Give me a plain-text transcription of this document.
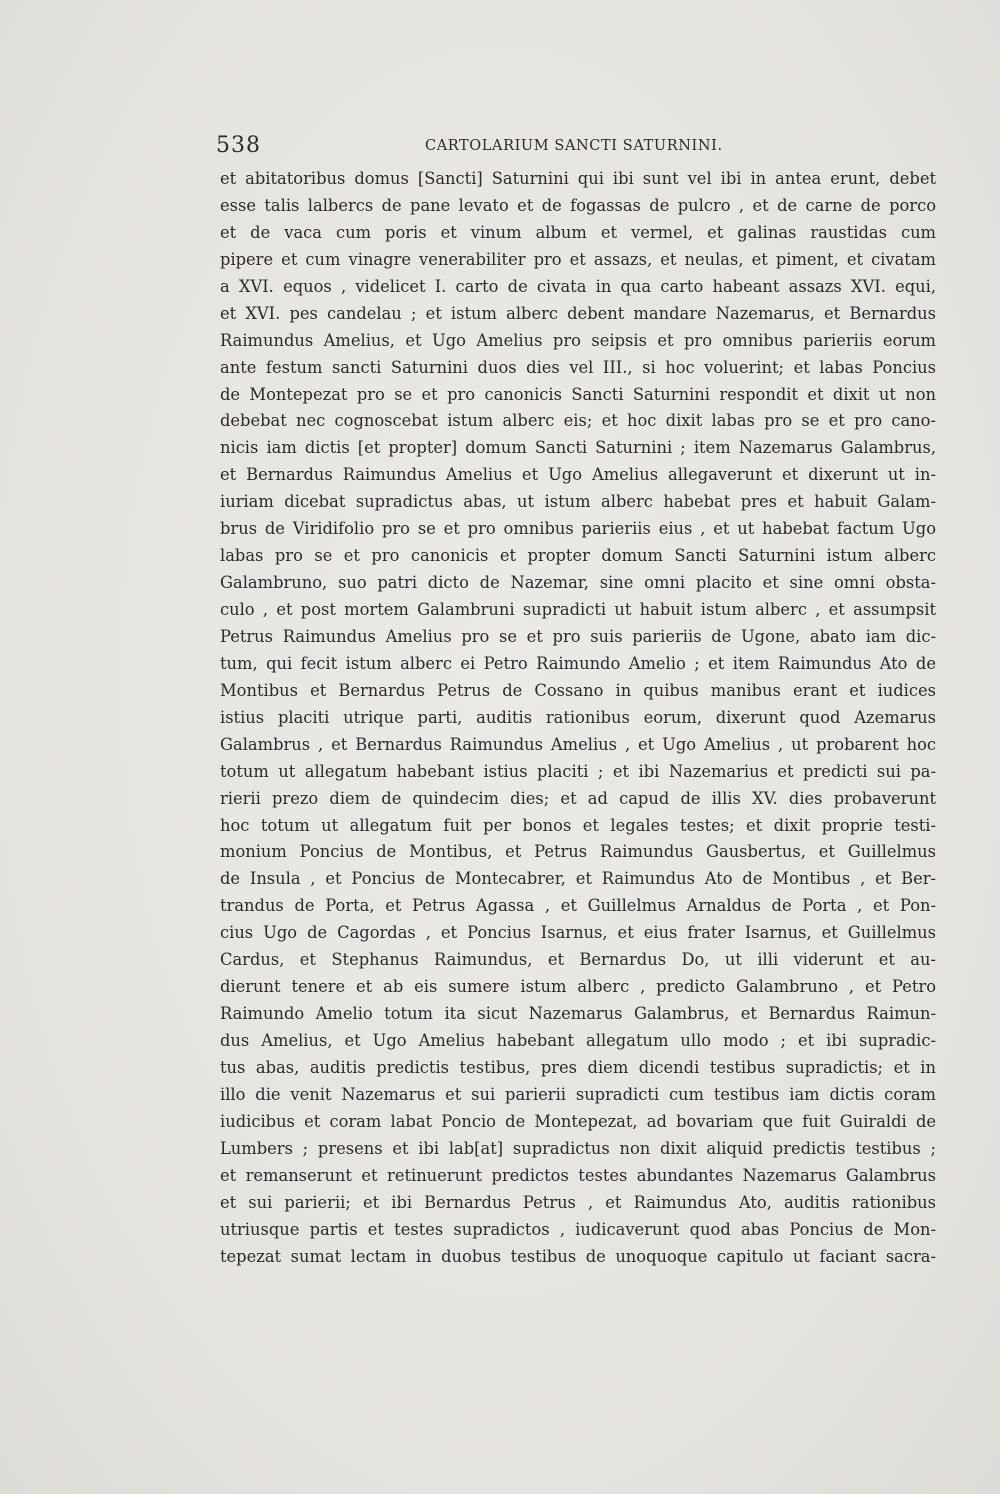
538	CARTOLARIUM SANCTI SATURNINI.
et abitatoribus domus [Sancti] Saturnini qui ibi sunt vel ibi in antea erunt, debet
esse talis lalbercs de pane levato et de fogassas de pulcro , et de carne de porco
et de vaca cum poris et vinum album et vermel, et galinas raustidas cum
pipere et cum vinagre venerabiliter pro et assazs, et neulas, et piment, et civatam
a XVI. equos , videlicet I. carto de civata in qua carto habeant assazs XVI. equi,
et XVI. pes candelau ; et istum alberc debent mandare Nazemarus, et Bernardus
Raimundus Amelius, et Ugo Amelius pro seipsis et pro omnibus parieriis eorum
ante festum sancti Saturnini duos dies vel III., si hoc voluerint; et labas Poncius
de Montepezat pro se et pro canonicis Sancti Saturnini respondit et dixit ut non
debebat nec cognoscebat istum alberc eis; et hoc dixit labas pro se et pro cano-
nicis iam dictis [et propter] domum Sancti Saturnini ; item Nazemarus Galambrus,
et Bernardus Raimundus Amelius et Ugo Amelius allegaverunt et dixerunt ut in-
iuriam dicebat supradictus abas, ut istum alberc habebat pres et habuit Galam-
brus de Viridifolio pro se et pro omnibus parieriis eius , et ut habebat factum Ugo
labas pro se et pro canonicis et propter domum Sancti Saturnini istum alberc
Galambruno, suo patri dicto de Nazemar, sine omni placito et sine omni obsta-
culo , et post mortem Galambruni supradicti ut habuit istum alberc , et assumpsit
Petrus Raimundus Amelius pro se et pro suis parieriis de Ugone, abato iam dic-
tum, qui fecit istum alberc ei Petro Raimundo Amelio ; et item Raimundus Ato de
Montibus et Bernardus Petrus de Cossano in quibus manibus erant et iudices
istius placiti utrique parti, auditis rationibus eorum, dixerunt quod Azemarus
Galambrus , et Bernardus Raimundus Amelius , et Ugo Amelius , ut probarent hoc
totum ut allegatum habebant istius placiti ; et ibi Nazemarius et predicti sui pa-
rierii prezo diem de quindecim dies; et ad capud de illis XV. dies probaverunt
hoc totum ut allegatum fuit per bonos et legales testes; et dixit proprie testi-
monium Poncius de Montibus, et Petrus Raimundus Gausbertus, et Guillelmus
de Insula , et Poncius de Montecabrer, et Raimundus Ato de Montibus , et Ber-
trandus de Porta, et Petrus Agassa , et Guillelmus Arnaldus de Porta , et Pon-
cius Ugo de Cagordas , et Poncius Isarnus, et eius frater Isarnus, et Guillelmus
Cardus, et Stephanus Raimundus, et Bernardus Do, ut illi viderunt et au-
dierunt tenere et ab eis sumere istum alberc , predicto Galambruno , et Petro
Raimundo Amelio totum ita sicut Nazemarus Galambrus, et Bernardus Raimun-
dus Amelius, et Ugo Amelius habebant allegatum ullo modo ; et ibi supradic-
tus abas, auditis predictis testibus, pres diem dicendi testibus supradictis; et in
illo die venit Nazemarus et sui parierii supradicti cum testibus iam dictis coram
iudicibus et coram labat Poncio de Montepezat, ad bovariam que fuit Guiraldi de
Lumbers ; presens et ibi lab[at] supradictus non dixit aliquid predictis testibus ;
et remanserunt et retinuerunt predictos testes abundantes Nazemarus Galambrus
et sui parierii; et ibi Bernardus Petrus , et Raimundus Ato, auditis rationibus
utriusque partis et testes supradictos , iudicaverunt quod abas Poncius de Mon-
tepezat sumat lectam in duobus testibus de unoquoque capitulo ut faciant sacra-
